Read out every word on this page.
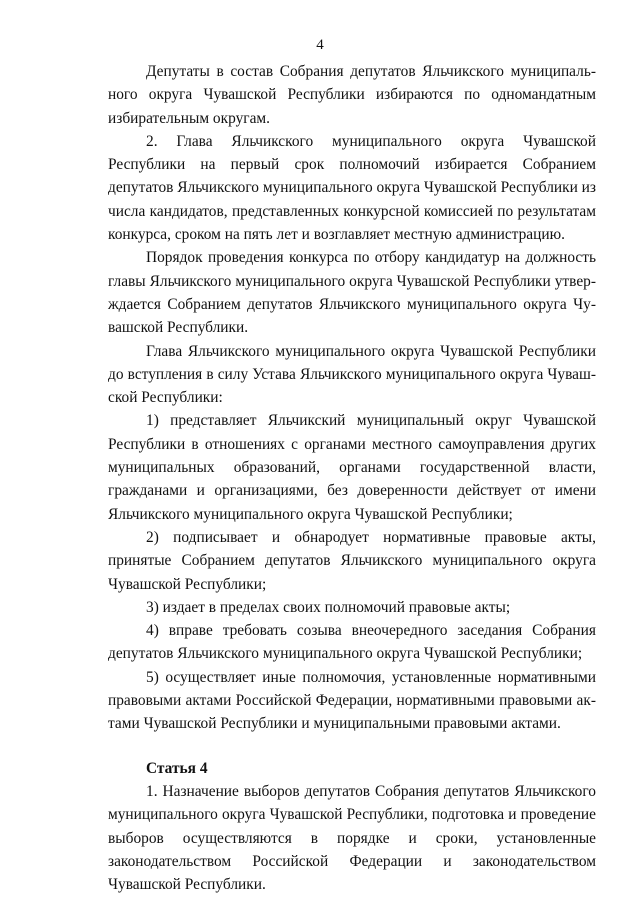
4

Депутаты в состав Собрания депутатов Яльчикского муниципального округа Чувашской Республики избираются по одномандатным избирательным округам.

2. Глава Яльчикского муниципального округа Чувашской Республики на первый срок полномочий избирается Собранием депутатов Яльчикского муниципального округа Чувашской Республики из числа кандидатов, представленных конкурсной комиссией по результатам конкурса, сроком на пять лет и возглавляет местную администрацию.

Порядок проведения конкурса по отбору кандидатур на должность главы Яльчикского муниципального округа Чувашской Республики утверждается Собранием депутатов Яльчикского муниципального округа Чувашской Республики.

Глава Яльчикского муниципального округа Чувашской Республики до вступления в силу Устава Яльчикского муниципального округа Чувашской Республики:

1) представляет Яльчикский муниципальный округ Чувашской Республики в отношениях с органами местного самоуправления других муниципальных образований, органами государственной власти, гражданами и организациями, без доверенности действует от имени Яльчикского муниципального округа Чувашской Республики;

2) подписывает и обнародует нормативные правовые акты, принятые Собранием депутатов Яльчикского муниципального округа Чувашской Республики;

3) издает в пределах своих полномочий правовые акты;

4) вправе требовать созыва внеочередного заседания Собрания депутатов Яльчикского муниципального округа Чувашской Республики;

5) осуществляет иные полномочия, установленные нормативными правовыми актами Российской Федерации, нормативными правовыми актами Чувашской Республики и муниципальными правовыми актами.

Статья 4

1. Назначение выборов депутатов Собрания депутатов Яльчикского муниципального округа Чувашской Республики, подготовка и проведение выборов осуществляются в порядке и сроки, установленные законодательством Российской Федерации и законодательством Чувашской Республики.
